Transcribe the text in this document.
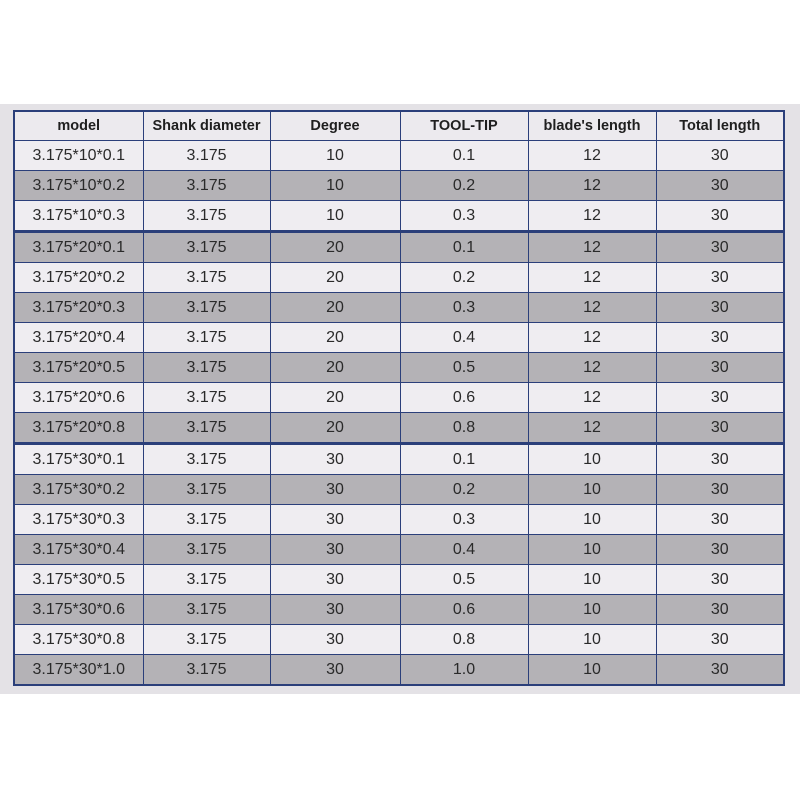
model	Shank diameter	Degree	TOOL-TIP	blade's length	Total length
3.175*10*0.1	3.175	10	0.1	12	30
3.175*10*0.2	3.175	10	0.2	12	30
3.175*10*0.3	3.175	10	0.3	12	30
3.175*20*0.1	3.175	20	0.1	12	30
3.175*20*0.2	3.175	20	0.2	12	30
3.175*20*0.3	3.175	20	0.3	12	30
3.175*20*0.4	3.175	20	0.4	12	30
3.175*20*0.5	3.175	20	0.5	12	30
3.175*20*0.6	3.175	20	0.6	12	30
3.175*20*0.8	3.175	20	0.8	12	30
3.175*30*0.1	3.175	30	0.1	10	30
3.175*30*0.2	3.175	30	0.2	10	30
3.175*30*0.3	3.175	30	0.3	10	30
3.175*30*0.4	3.175	30	0.4	10	30
3.175*30*0.5	3.175	30	0.5	10	30
3.175*30*0.6	3.175	30	0.6	10	30
3.175*30*0.8	3.175	30	0.8	10	30
3.175*30*1.0	3.175	30	1.0	10	30
